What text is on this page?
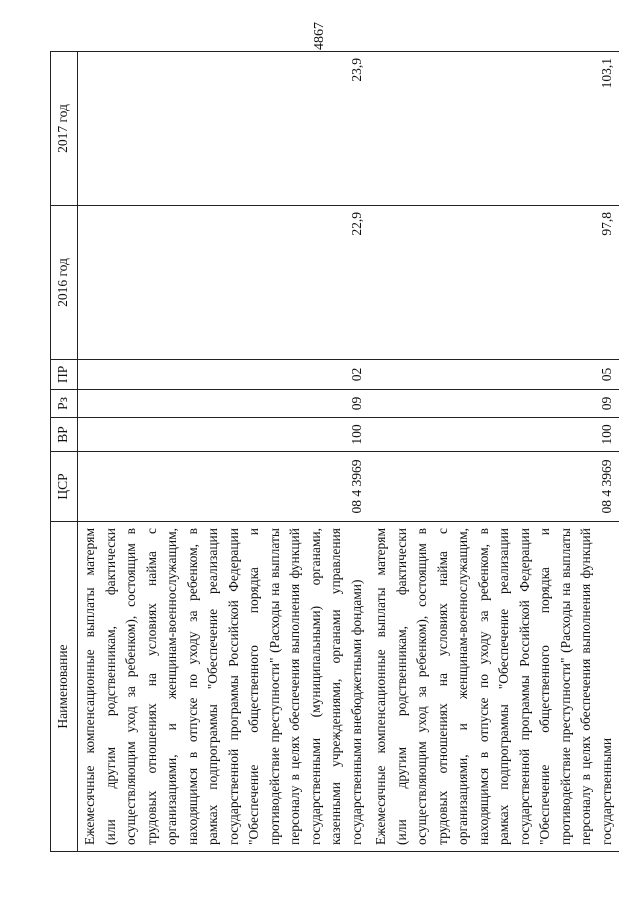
4867
Наименование	ЦСР	ВР	Рз	ПР	2016 год	2017 год
Ежемесячные компенсационные выплаты матерям (или другим родственникам, фактически осуществляющим уход за ребенком), состоящим в трудовых отношениях на условиях найма с организациями, и женщинам-военнослужащим, находящимся в отпуске по уходу за ребенком, в рамках подпрограммы "Обеспечение реализации государственной программы Российской Федерации "Обеспечение общественного порядка и противодействие преступности" (Расходы на выплаты персоналу в целях обеспечения выполнения функций государственными (муниципальными) органами, казенными учреждениями, органами управления государственными внебюджетными фондами)	08 4 3969	100	09	02	22,9	23,9
Ежемесячные компенсационные выплаты матерям (или другим родственникам, фактически осуществляющим уход за ребенком), состоящим в трудовых отношениях на условиях найма с организациями, и женщинам-военнослужащим, находящимся в отпуске по уходу за ребенком, в рамках подпрограммы "Обеспечение реализации государственной программы Российской Федерации "Обеспечение общественного порядка и противодействие преступности" (Расходы на выплаты персоналу в целях обеспечения выполнения функций государственными	08 4 3969	100	09	05	97,8	103,1
